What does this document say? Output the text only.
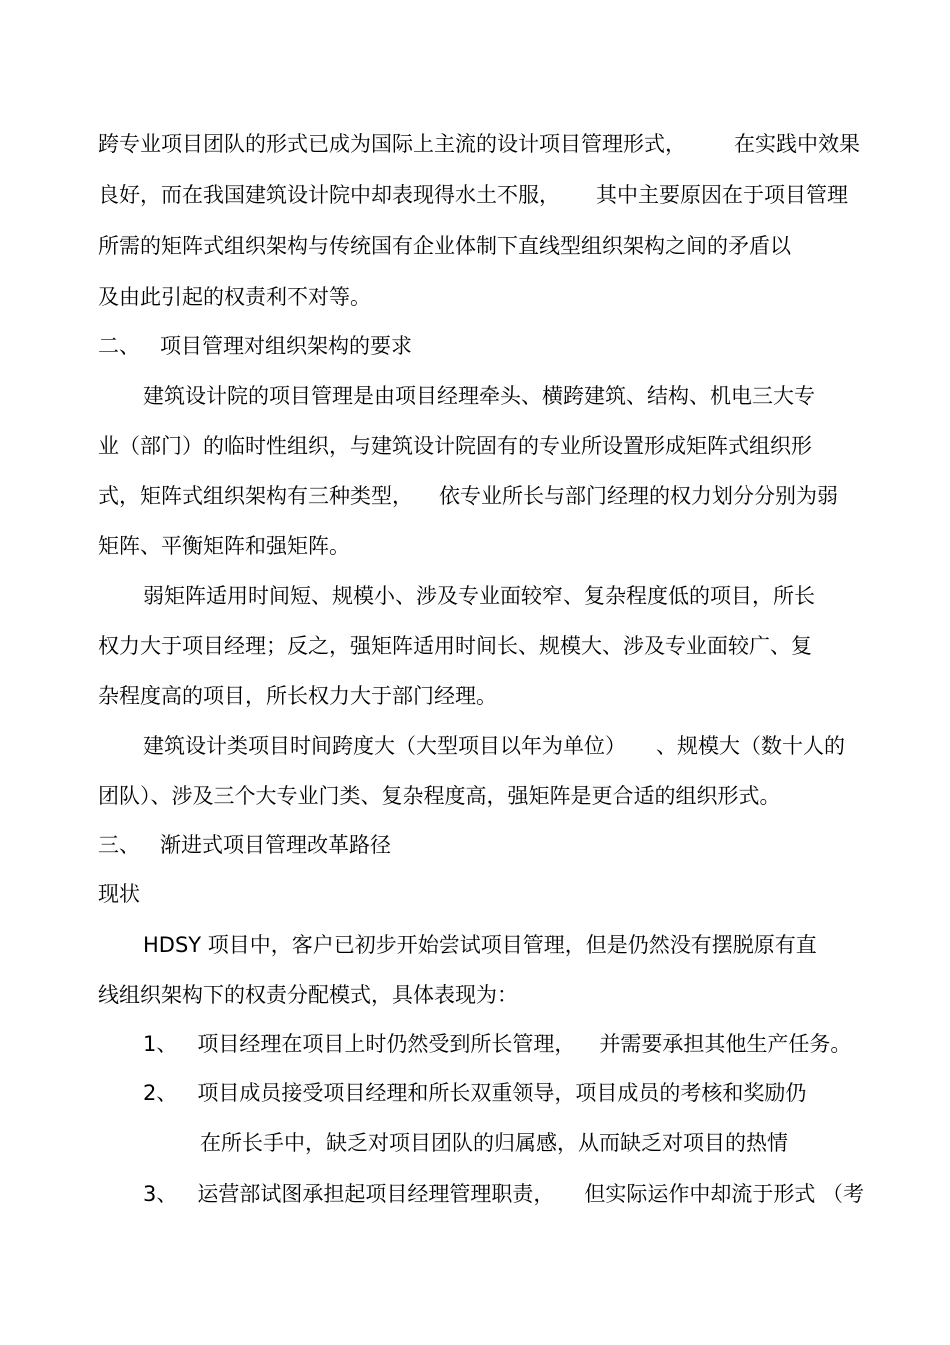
跨专业项目团队的形式已成为国际上主流的设计项目管理形式， 在实践中效果
良好，而在我国建筑设计院中却表现得水土不服， 其中主要原因在于项目管理
所需的矩阵式组织架构与传统国有企业体制下直线型组织架构之间的矛盾以
及由此引起的权责利不对等。
二、 项目管理对组织架构的要求
建筑设计院的项目管理是由项目经理牵头、横跨建筑、结构、机电三大专
业（部门）的临时性组织，与建筑设计院固有的专业所设置形成矩阵式组织形
式，矩阵式组织架构有三种类型， 依专业所长与部门经理的权力划分分别为弱
矩阵、平衡矩阵和强矩阵。
弱矩阵适用时间短、规模小、涉及专业面较窄、复杂程度低的项目，所长
权力大于项目经理；反之，强矩阵适用时间长、规模大、涉及专业面较广、复
杂程度高的项目，所长权力大于部门经理。
建筑设计类项目时间跨度大（大型项目以年为单位） 、规模大（数十人的
团队）、涉及三个大专业门类、复杂程度高，强矩阵是更合适的组织形式。
三、 渐进式项目管理改革路径
现状
HDSY 项目中，客户已初步开始尝试项目管理，但是仍然没有摆脱原有直
线组织架构下的权责分配模式，具体表现为：
1、 项目经理在项目上时仍然受到所长管理， 并需要承担其他生产任务。
2、 项目成员接受项目经理和所长双重领导，项目成员的考核和奖励仍
在所长手中，缺乏对项目团队的归属感，从而缺乏对项目的热情
3、 运营部试图承担起项目经理管理职责， 但实际运作中却流于形式 （考
